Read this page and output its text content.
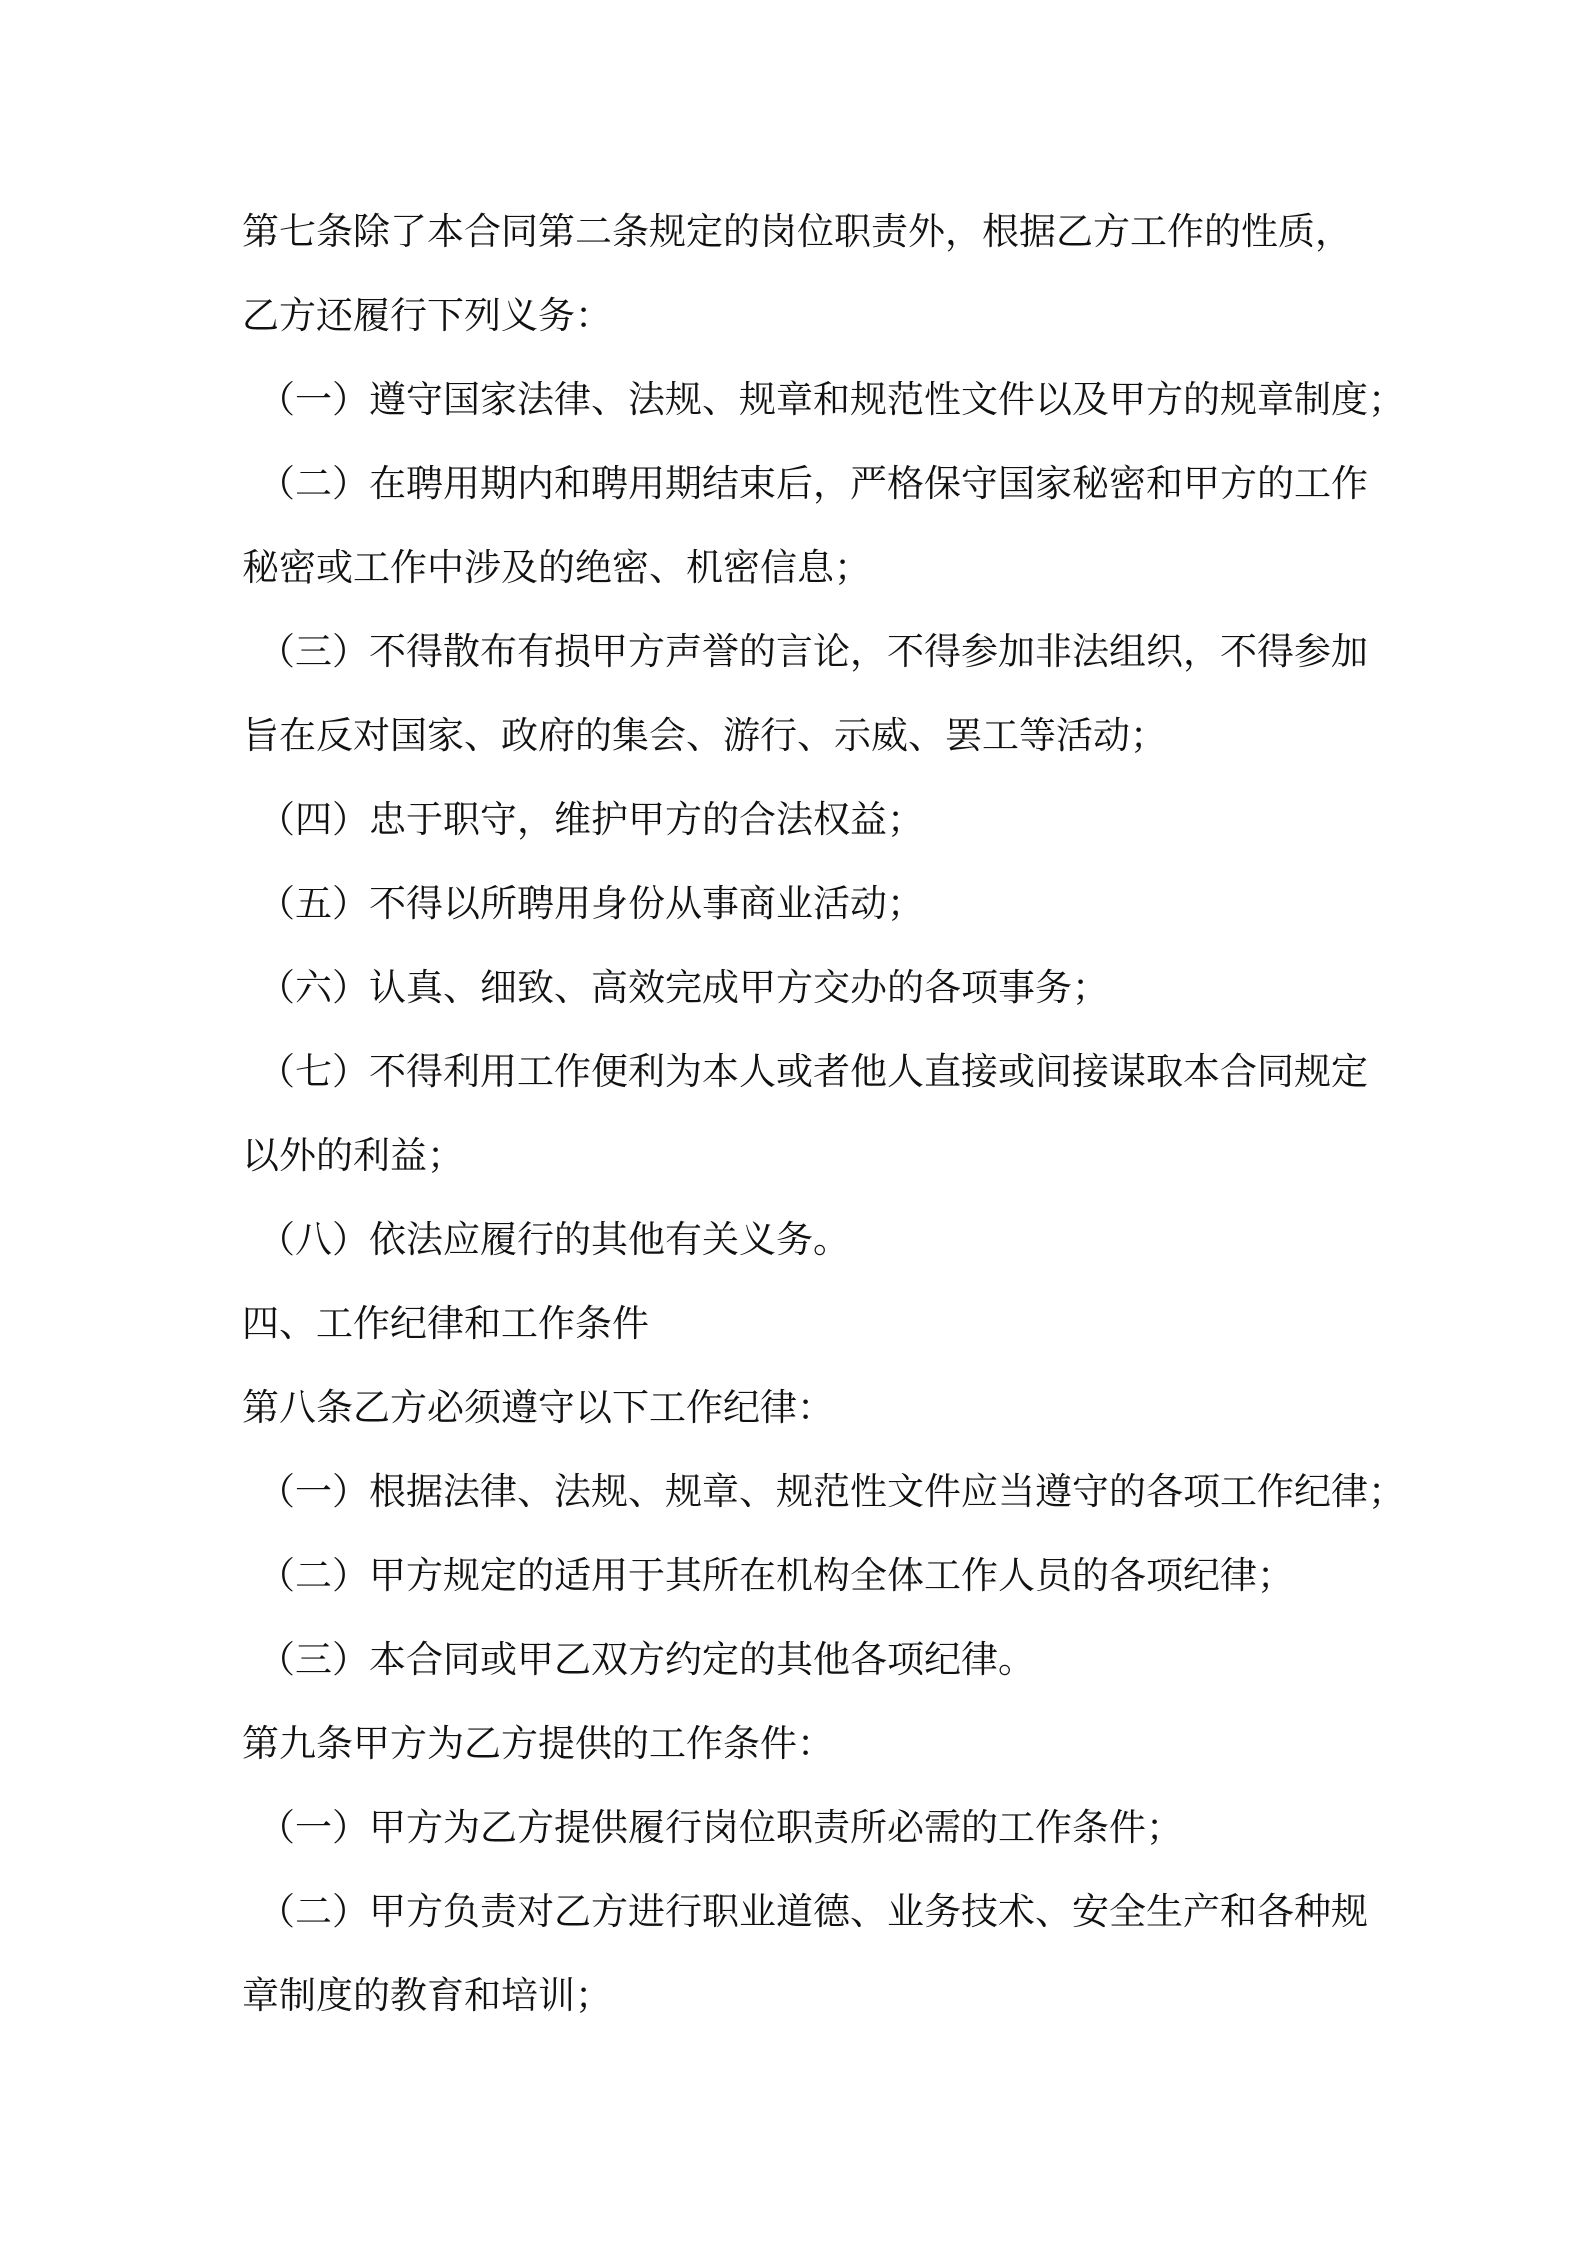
第七条除了本合同第二条规定的岗位职责外，根据乙方工作的性质，
乙方还履行下列义务：
（一）遵守国家法律、法规、规章和规范性文件以及甲方的规章制度；
（二）在聘用期内和聘用期结束后，严格保守国家秘密和甲方的工作
秘密或工作中涉及的绝密、机密信息；
（三）不得散布有损甲方声誉的言论，不得参加非法组织，不得参加
旨在反对国家、政府的集会、游行、示威、罢工等活动；
（四）忠于职守，维护甲方的合法权益；
（五）不得以所聘用身份从事商业活动；
（六）认真、细致、高效完成甲方交办的各项事务；
（七）不得利用工作便利为本人或者他人直接或间接谋取本合同规定
以外的利益；
（八）依法应履行的其他有关义务。
四、工作纪律和工作条件
第八条乙方必须遵守以下工作纪律：
（一）根据法律、法规、规章、规范性文件应当遵守的各项工作纪律；
（二）甲方规定的适用于其所在机构全体工作人员的各项纪律；
（三）本合同或甲乙双方约定的其他各项纪律。
第九条甲方为乙方提供的工作条件：
（一）甲方为乙方提供履行岗位职责所必需的工作条件；
（二）甲方负责对乙方进行职业道德、业务技术、安全生产和各种规
章制度的教育和培训；
